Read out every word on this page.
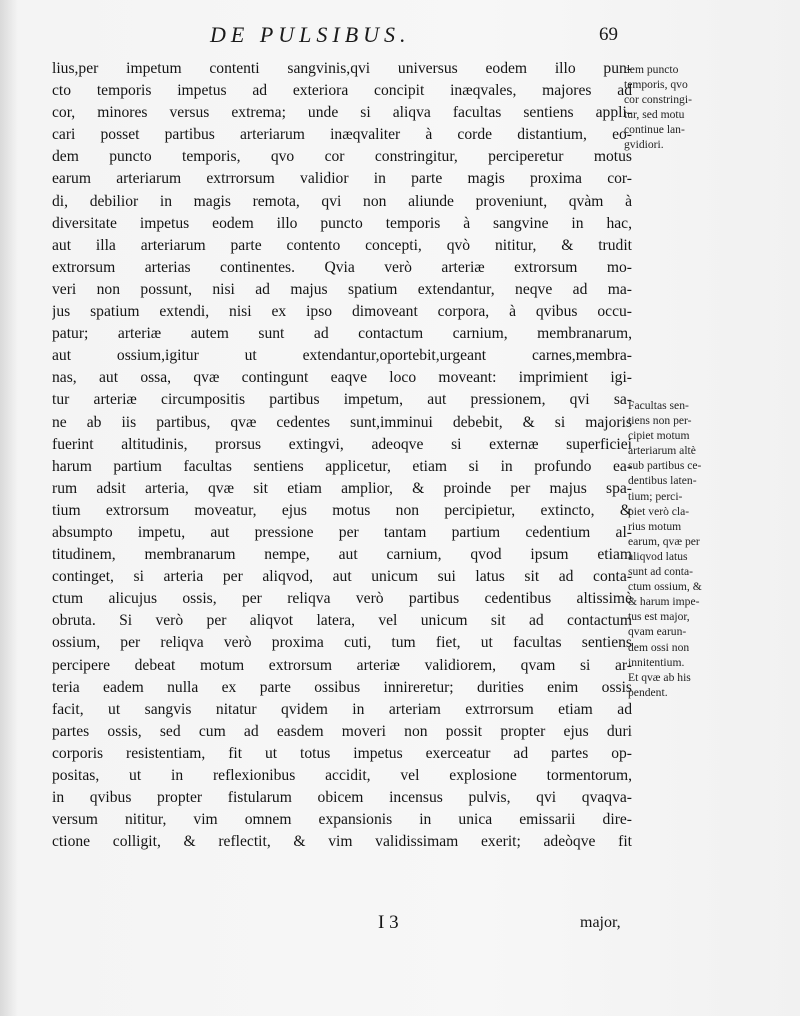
DE PULSIBUS.	69
lius,per impetum contenti sangvinis,qvi universus eodem illo pun-
cto temporis impetus ad exteriora concipit inæqvales, majores ad
cor, minores versus extrema; unde si aliqva facultas sentiens appli-
cari posset partibus arteriarum inæqvaliter à corde distantium, eo-
dem puncto temporis, qvo cor constringitur, perciperetur motus
earum arteriarum extrrorsum validior in parte magis proxima cor-
di, debilior in magis remota, qvi non aliunde proveniunt, qvàm à
diversitate impetus eodem illo puncto temporis à sangvine in hac,
aut illa arteriarum parte contento concepti, qvò nititur, & trudit
extrorsum arterias continentes. Qvia verò arteriæ extrorsum mo-
veri non possunt, nisi ad majus spatium extendantur, neqve ad ma-
jus spatium extendi, nisi ex ipso dimoveant corpora, à qvibus occu-
patur; arteriæ autem sunt ad contactum carnium, membranarum,
aut ossium,igitur ut extendantur,oportebit,urgeant carnes,membra-
nas, aut ossa, qvæ contingunt eaqve loco moveant: imprimient igi-
tur arteriæ circumpositis partibus impetum, aut pressionem, qvi sa-
ne ab iis partibus, qvæ cedentes sunt,imminui debebit, & si majoris
fuerint altitudinis, prorsus extingvi, adeoqve si externæ superficiei
harum partium facultas sentiens applicetur, etiam si in profundo ea-
rum adsit arteria, qvæ sit etiam amplior, & proinde per majus spa-
tium extrorsum moveatur, ejus motus non percipietur, extincto, &
absumpto impetu, aut pressione per tantam partium cedentium al-
titudinem, membranarum nempe, aut carnium, qvod ipsum etiam
continget, si arteria per aliqvod, aut unicum sui latus sit ad conta-
ctum alicujus ossis, per reliqva verò partibus cedentibus altissimè
obruta. Si verò per aliqvot latera, vel unicum sit ad contactum
ossium, per reliqva verò proxima cuti, tum fiet, ut facultas sentiens
percipere debeat motum extrorsum arteriæ validiorem, qvam si ar-
teria eadem nulla ex parte ossibus innireretur; durities enim ossis
facit, ut sangvis nitatur qvidem in arteriam extrrorsum etiam ad
partes ossis, sed cum ad easdem moveri non possit propter ejus duri
corporis resistentiam, fit ut totus impetus exerceatur ad partes op-
positas, ut in reflexionibus accidit, vel explosione tormentorum,
in qvibus propter fistularum obicem incensus pulvis, qvi qvaqva-
versum nititur, vim omnem expansionis in unica emissarii dire-
ctione colligit, & reflectit, & vim validissimam exerit; adeòqve fit
dem puncto
temporis, qvo
cor constringi-
tur, sed motu
continue lan-
gvidiori.
Facultas sen-
tiens non per-
cipiet motum
arteriarum altè
sub partibus ce-
dentibus laten-
tium; perci-
piet verò cla-
rius motum
earum, qvæ per
aliqvod latus
sunt ad conta-
ctum ossium, &
& harum impe-
tus est major,
qvam earun-
dem ossi non
innitentium.
Et qvæ ab his
pendent.
I 3	major,
